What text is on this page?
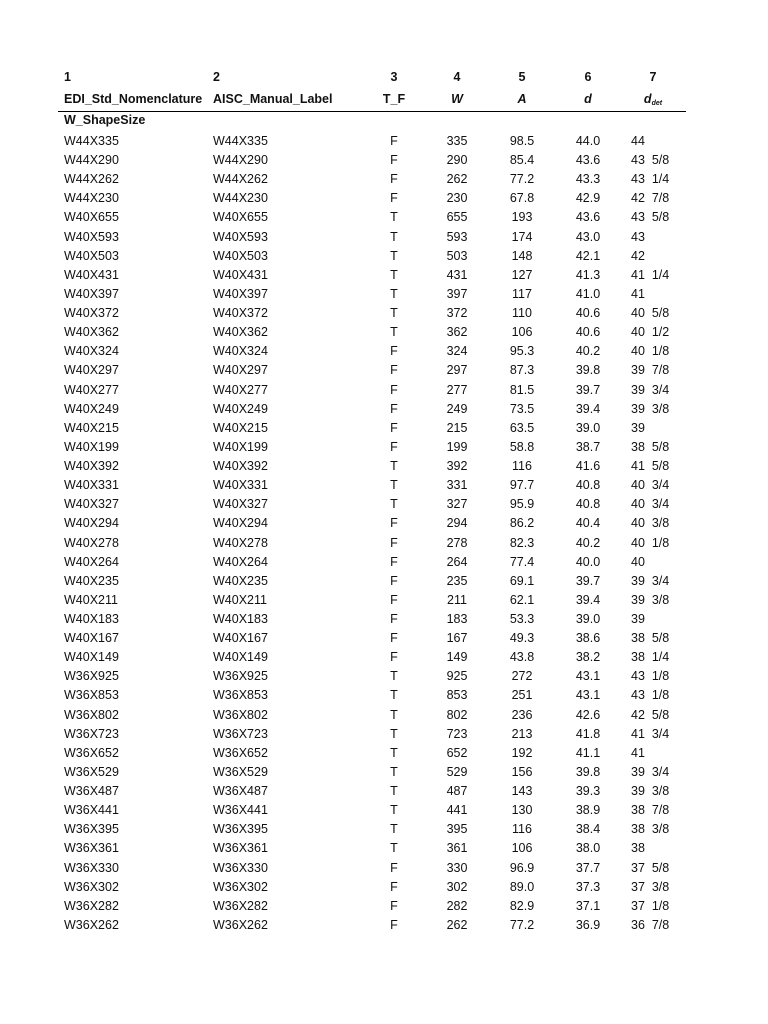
1	2	3	4	5	6	7
EDI_Std_Nomenclature AISC_Manual_Label	T_F	W	A	d	$d_{det}$
W_ShapeSize
W44X335	W44X335	F	335	98.5	44.0	44
W44X290	W44X290	F	290	85.4	43.6	43  5/8
W44X262	W44X262	F	262	77.2	43.3	43  1/4
W44X230	W44X230	F	230	67.8	42.9	42  7/8
W40X655	W40X655	T	655	193	43.6	43  5/8
W40X593	W40X593	T	593	174	43.0	43
W40X503	W40X503	T	503	148	42.1	42
W40X431	W40X431	T	431	127	41.3	41  1/4
W40X397	W40X397	T	397	117	41.0	41
W40X372	W40X372	T	372	110	40.6	40  5/8
W40X362	W40X362	T	362	106	40.6	40  1/2
W40X324	W40X324	F	324	95.3	40.2	40  1/8
W40X297	W40X297	F	297	87.3	39.8	39  7/8
W40X277	W40X277	F	277	81.5	39.7	39  3/4
W40X249	W40X249	F	249	73.5	39.4	39  3/8
W40X215	W40X215	F	215	63.5	39.0	39
W40X199	W40X199	F	199	58.8	38.7	38  5/8
W40X392	W40X392	T	392	116	41.6	41  5/8
W40X331	W40X331	T	331	97.7	40.8	40  3/4
W40X327	W40X327	T	327	95.9	40.8	40  3/4
W40X294	W40X294	F	294	86.2	40.4	40  3/8
W40X278	W40X278	F	278	82.3	40.2	40  1/8
W40X264	W40X264	F	264	77.4	40.0	40
W40X235	W40X235	F	235	69.1	39.7	39  3/4
W40X211	W40X211	F	211	62.1	39.4	39  3/8
W40X183	W40X183	F	183	53.3	39.0	39
W40X167	W40X167	F	167	49.3	38.6	38  5/8
W40X149	W40X149	F	149	43.8	38.2	38  1/4
W36X925	W36X925	T	925	272	43.1	43  1/8
W36X853	W36X853	T	853	251	43.1	43  1/8
W36X802	W36X802	T	802	236	42.6	42  5/8
W36X723	W36X723	T	723	213	41.8	41  3/4
W36X652	W36X652	T	652	192	41.1	41
W36X529	W36X529	T	529	156	39.8	39  3/4
W36X487	W36X487	T	487	143	39.3	39  3/8
W36X441	W36X441	T	441	130	38.9	38  7/8
W36X395	W36X395	T	395	116	38.4	38  3/8
W36X361	W36X361	T	361	106	38.0	38
W36X330	W36X330	F	330	96.9	37.7	37  5/8
W36X302	W36X302	F	302	89.0	37.3	37  3/8
W36X282	W36X282	F	282	82.9	37.1	37  1/8
W36X262	W36X262	F	262	77.2	36.9	36  7/8
